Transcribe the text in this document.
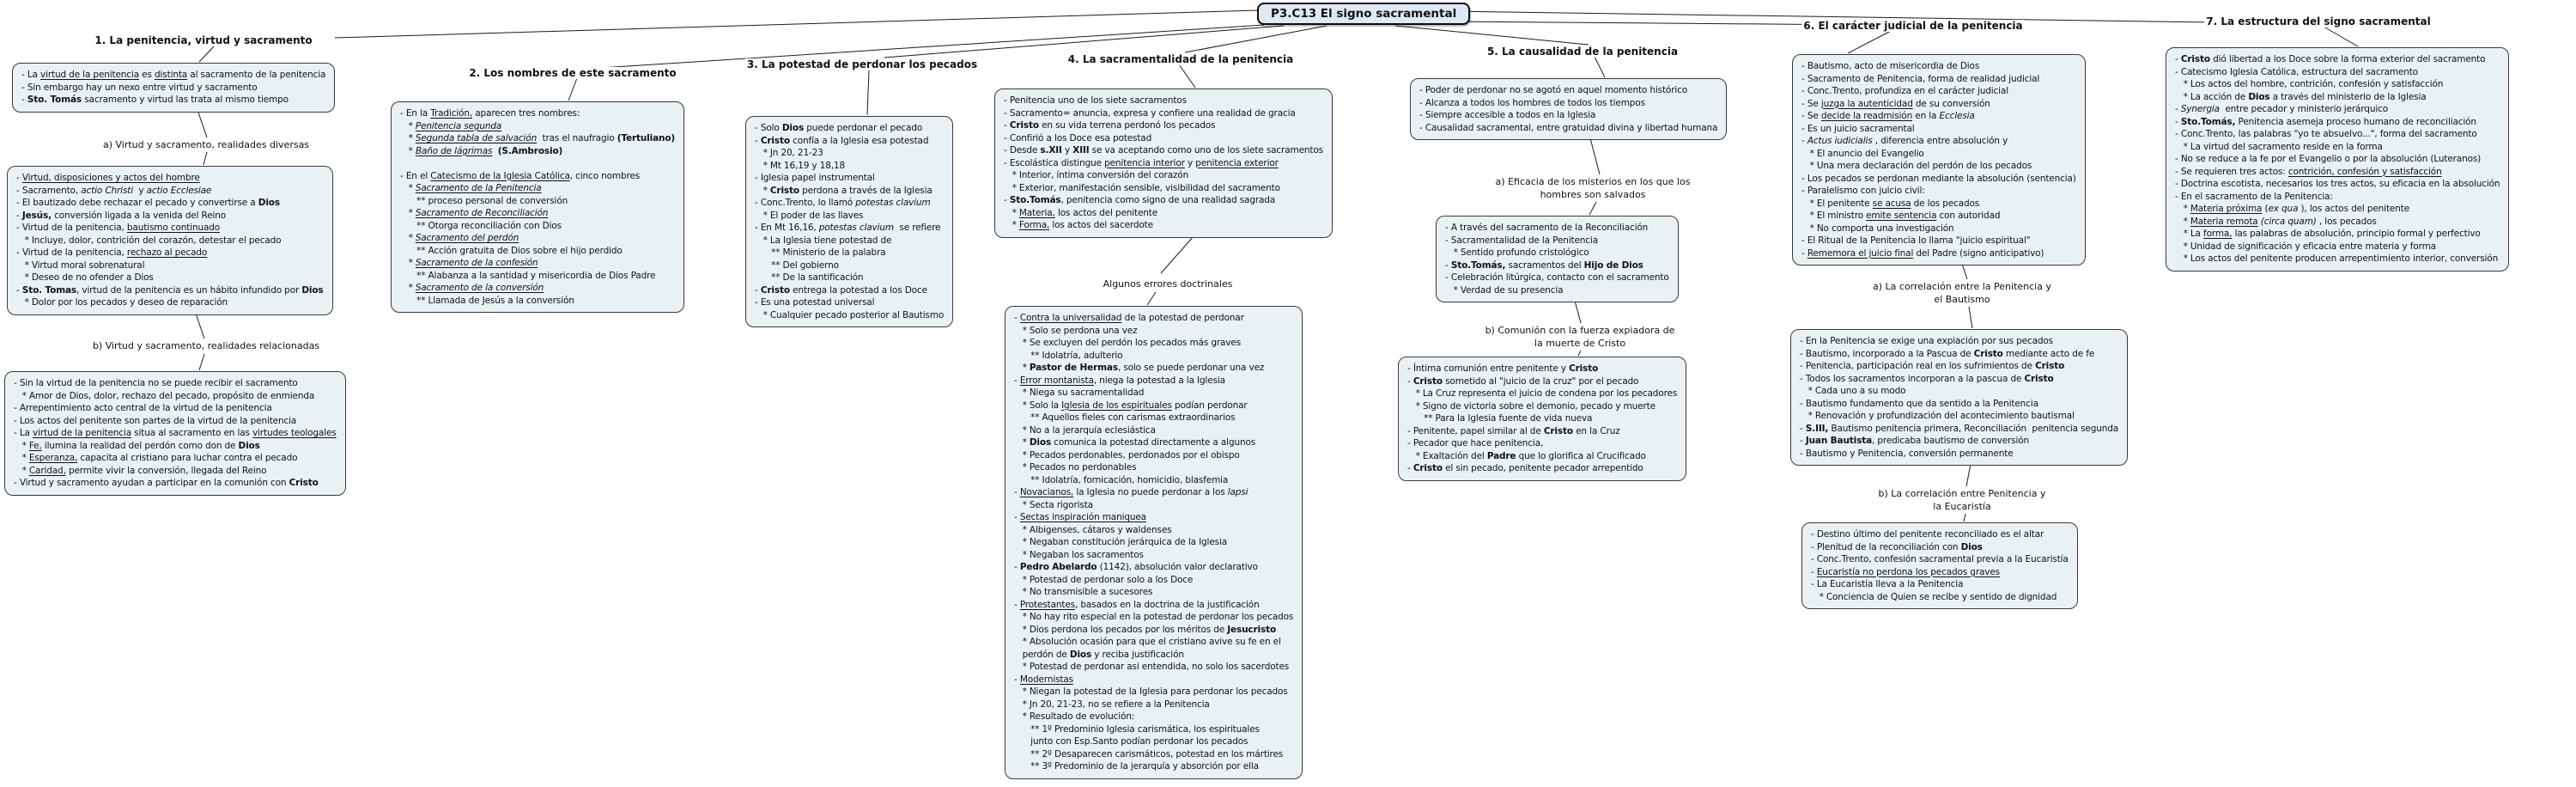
P3.C13 El signo sacramental
1. La penitencia, virtud y sacramento
- La virtud de la penitencia es distinta al sacramento de la penitencia
- Sin embargo hay un nexo entre virtud y sacramento
- Sto. Tomás sacramento y virtud las trata al mismo tiempo
a) Virtud y sacramento, realidades diversas
- Virtud, disposiciones y actos del hombre
- Sacramento, actio Christi  y actio Ecclesiae
- El bautizado debe rechazar el pecado y convertirse a Dios
- Jesús, conversión ligada a la venida del Reino
- Virtud de la penitencia, bautismo continuado
* Incluye, dolor, contrición del corazón, detestar el pecado
- Virtud de la penitencia, rechazo al pecado
* Virtud moral sobrenatural
* Deseo de no ofender a Dios
- Sto. Tomas, virtud de la penitencia es un hábito infundido por Dios
* Dolor por los pecados y deseo de reparación
b) Virtud y sacramento, realidades relacionadas
- Sin la virtud de la penitencia no se puede recibir el sacramento
* Amor de Dios, dolor, rechazo del pecado, propósito de enmienda
- Arrepentimiento acto central de la virtud de la penitencia
- Los actos del penitente son partes de la virtud de la penitencia
- La virtud de la penitencia situa al sacramento en las virtudes teologales
* Fe, ilumina la realidad del perdón como don de Dios
* Esperanza, capacita al cristiano para luchar contra el pecado
* Caridad, permite vivir la conversión, llegada del Reino
- Virtud y sacramento ayudan a participar en la comunión con Cristo
2. Los nombres de este sacramento
- En la Tradición, aparecen tres nombres:
* Penitencia segunda
* Segunda tabla de salvación  tras el naufragio (Tertuliano)
* Baño de lágrimas (S.Ambrosio)

- En el Catecismo de la Iglesia Católica, cinco nombres
* Sacramento de la Penitencia
** proceso personal de conversión
* Sacramento de Reconciliación
** Otorga reconciliación con Dios
* Sacramento del perdón
** Acción gratuita de Dios sobre el hijo perdido
* Sacramento de la confesión
** Alabanza a la santidad y misericordia de Dios Padre
* Sacramento de la conversión
** Llamada de Jesús a la conversión
3. La potestad de perdonar los pecados
- Solo Dios puede perdonar el pecado
- Cristo confía a la Iglesia esa potestad
* Jn 20, 21-23
* Mt 16,19 y 18,18
- Iglesia papel instrumental
* Cristo perdona a través de la Iglesia
- Conc.Trento, lo llamó potestas clavium
* El poder de las llaves
- En Mt 16,16, potestas clavium  se refiere
* La Iglesia tiene potestad de
** Ministerio de la palabra
** Del gobierno
** De la santificación
- Cristo entrega la potestad a los Doce
- Es una potestad universal
* Cualquier pecado posterior al Bautismo
4. La sacramentalidad de la penitencia
- Penitencia uno de los siete sacramentos
- Sacramento= anuncia, expresa y confiere una realidad de gracia
- Cristo en su vida terrena perdonó los pecados
- Confirió a los Doce esa potestad
- Desde s.XII y XIII se va aceptando como uno de los siete sacramentos
- Escolástica distingue penitencia interior y penitencia exterior
* Interior, íntima conversión del corazón
* Exterior, manifestación sensible, visibilidad del sacramento
- Sto.Tomás, penitencia como signo de una realidad sagrada
* Materia, los actos del penitente
* Forma, los actos del sacerdote
Algunos errores doctrinales
- Contra la universalidad de la potestad de perdonar
* Solo se perdona una vez
* Se excluyen del perdón los pecados más graves
** Idolatría, adulterio
* Pastor de Hermas, solo se puede perdonar una vez
- Error montanista, niega la potestad a la Iglesia
* Niega su sacramentalidad
* Solo la Iglesia de los espirituales podían perdonar
** Aquellos fieles con carismas extraordinarios
* No a la jerarquía eclesiástica
* Dios comunica la potestad directamente a algunos
* Pecados perdonables, perdonados por el obispo
* Pecados no perdonables
** Idolatría, fornicación, homicidio, blasfemia
- Novacianos, la Iglesia no puede perdonar a los lapsi
* Secta rigorista
- Sectas inspiración maniquea
* Albigenses, cátaros y waldenses
* Negaban constitución jerárquica de la Iglesia
* Negaban los sacramentos
- Pedro Abelardo (1142), absolución valor declarativo
* Potestad de perdonar solo a los Doce
* No transmisible a sucesores
- Protestantes, basados en la doctrina de la justificación
* No hay rito especial en la potestad de perdonar los pecados
* Dios perdona los pecados por los méritos de Jesucristo
* Absolución ocasión para que el cristiano avive su fe en el
perdón de Dios y reciba justificación
* Potestad de perdonar asi entendida, no solo los sacerdotes
- Modernistas
* Niegan la potestad de la Iglesia para perdonar los pecados
* Jn 20, 21-23, no se refiere a la Penitencia
* Resultado de evolución:
** 1º Predominio Iglesia carismática, los espirituales
junto con Esp.Santo podían perdonar los pecados
** 2º Desaparecen carismáticos, potestad en los mártires
** 3º Predominio de la jerarquía y absorción por ella
5. La causalidad de la penitencia
- Poder de perdonar no se agotó en aquel momento histórico
- Alcanza a todos los hombres de todos los tiempos
- Siempre accesible a todos en la Iglesia
- Causalidad sacramental, entre gratuidad divina y libertad humana
a) Eficacia de los misterios en los que los
hombres son salvados
- A través del sacramento de la Reconciliación
- Sacramentalidad de la Penitencia
* Sentido profundo cristológico
- Sto.Tomás, sacramentos del Hijo de Dios
- Celebración litúrgica, contacto con el sacramento
* Verdad de su presencia
b) Comunión con la fuerza expiadora de
la muerte de Cristo
- Íntima comunión entre penitente y Cristo
- Cristo sometido al "juicio de la cruz" por el pecado
* La Cruz representa el juicio de condena por los pecadores
* Signo de victoria sobre el demonio, pecado y muerte
** Para la Iglesia fuente de vida nueva
- Penitente, papel similar al de Cristo en la Cruz
- Pecador que hace penitencia,
* Exaltación del Padre que lo glorifica al Crucificado
- Cristo el sin pecado, penitente pecador arrepentido
6. El carácter judicial de la penitencia
- Bautismo, acto de misericordia de Dios
- Sacramento de Penitencia, forma de realidad judicial
- Conc.Trento, profundiza en el carácter judicial
- Se juzga la autenticidad de su conversión
- Se decide la readmisión en la Ecclesia
- Es un juicio sacramental
- Actus iudicialis , diferencia entre absolución y
* El anuncio del Evangelio
* Una mera declaración del perdón de los pecados
- Los pecados se perdonan mediante la absolución (sentencia)
- Paralelismo con juicio civil:
* El penitente se acusa de los pecados
* El ministro emite sentencia con autoridad
* No comporta una investigación
- El Ritual de la Penitencia lo llama "juicio espiritual"
- Rememora el juicio final del Padre (signo anticipativo)
a) La correlación entre la Penitencia y
el Bautismo
- En la Penitencia se exige una expiación por sus pecados
- Bautismo, incorporado a la Pascua de Cristo mediante acto de fe
- Penitencia, participación real en los sufrimientos de Cristo
- Todos los sacramentos incorporan a la pascua de Cristo
* Cada uno a su modo
- Bautismo fundamento que da sentido a la Penitencia
* Renovación y profundización del acontecimiento bautismal
- S.III, Bautismo penitencia primera, Reconciliación  penitencia segunda
- Juan Bautista, predicaba bautismo de conversión
- Bautismo y Penitencia, conversión permanente
b) La correlación entre Penitencia y
la Eucaristía
- Destino último del penitente reconciliado es el altar
- Plenitud de la reconciliación con Dios
- Conc.Trento, confesión sacramental previa a la Eucaristía
- Eucaristía no perdona los pecados graves
- La Eucaristía lleva a la Penitencia
* Conciencia de Quien se recibe y sentido de dignidad
7. La estructura del signo sacramental
- Cristo dió libertad a los Doce sobre la forma exterior del sacramento
- Catecismo Iglesia Católica, estructura del sacramento
* Los actos del hombre, contrición, confesión y satisfacción
* La acción de Dios a través del ministerio de la Iglesia
- Synergia  entre pecador y ministerio jerárquico
- Sto.Tomás, Penitencia asemeja proceso humano de reconciliación
- Conc.Trento, las palabras "yo te absuelvo...", forma del sacramento
* La virtud del sacramento reside en la forma
- No se reduce a la fe por el Evangelio o por la absolución (Luteranos)
- Se requieren tres actos: contrición, confesión y satisfacción
- Doctrina escotista, necesarios los tres actos, su eficacia en la absolución
- En el sacramento de la Penitencia:
* Materia próxima (ex qua ), los actos del penitente
* Materia remota (circa quam) , los pecados
* La forma, las palabras de absolución, principio formal y perfectivo
* Unidad de significación y eficacia entre materia y forma
* Los actos del penitente producen arrepentimiento interior, conversión
